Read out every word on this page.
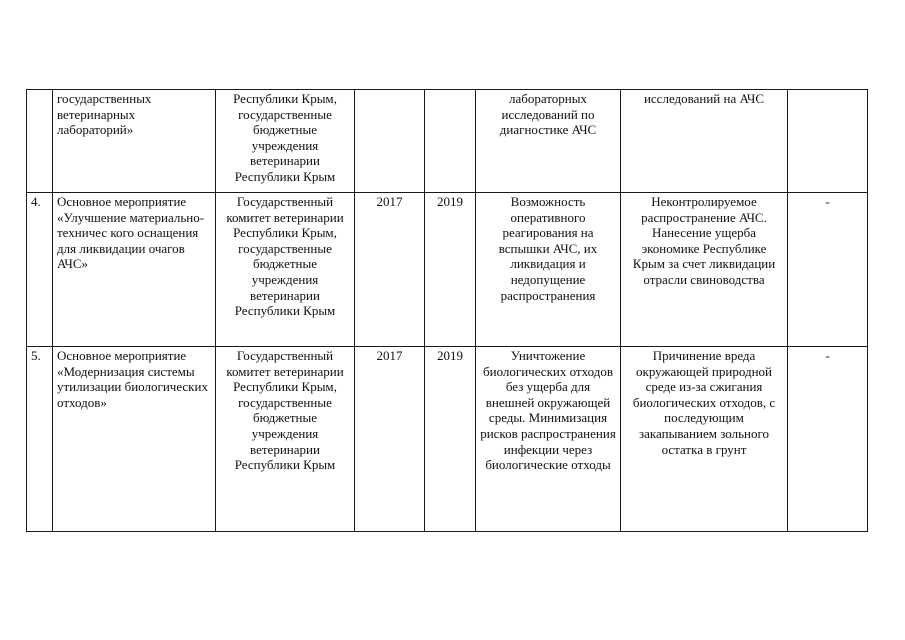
	государственных ветеринарных лабораторий»	Республики Крым, государственные бюджетные учреждения ветеринарии Республики Крым			лабораторных исследований по диагностике АЧС	исследований на АЧС	
4.	Основное мероприятие «Улучшение материально-техничес кого оснащения для ликвидации очагов АЧС»	Государственный комитет ветеринарии Республики Крым, государственные бюджетные учреждения ветеринарии Республики Крым	2017	2019	Возможность оперативного реагирования на вспышки АЧС, их ликвидация и недопущение распространения	Неконтролируемое распространение АЧС. Нанесение ущерба экономике Республике Крым за счет ликвидации отрасли свиноводства	-
5.	Основное мероприятие «Модернизация системы утилизации биологических отходов»	Государственный комитет ветеринарии Республики Крым, государственные бюджетные учреждения ветеринарии Республики Крым	2017	2019	Уничтожение биологических отходов без ущерба для внешней окружающей среды. Минимизация рисков распространения инфекции через биологические отходы	Причинение вреда окружающей природной среде из-за сжигания биологических отходов, с последующим закапыванием зольного остатка в грунт	-
